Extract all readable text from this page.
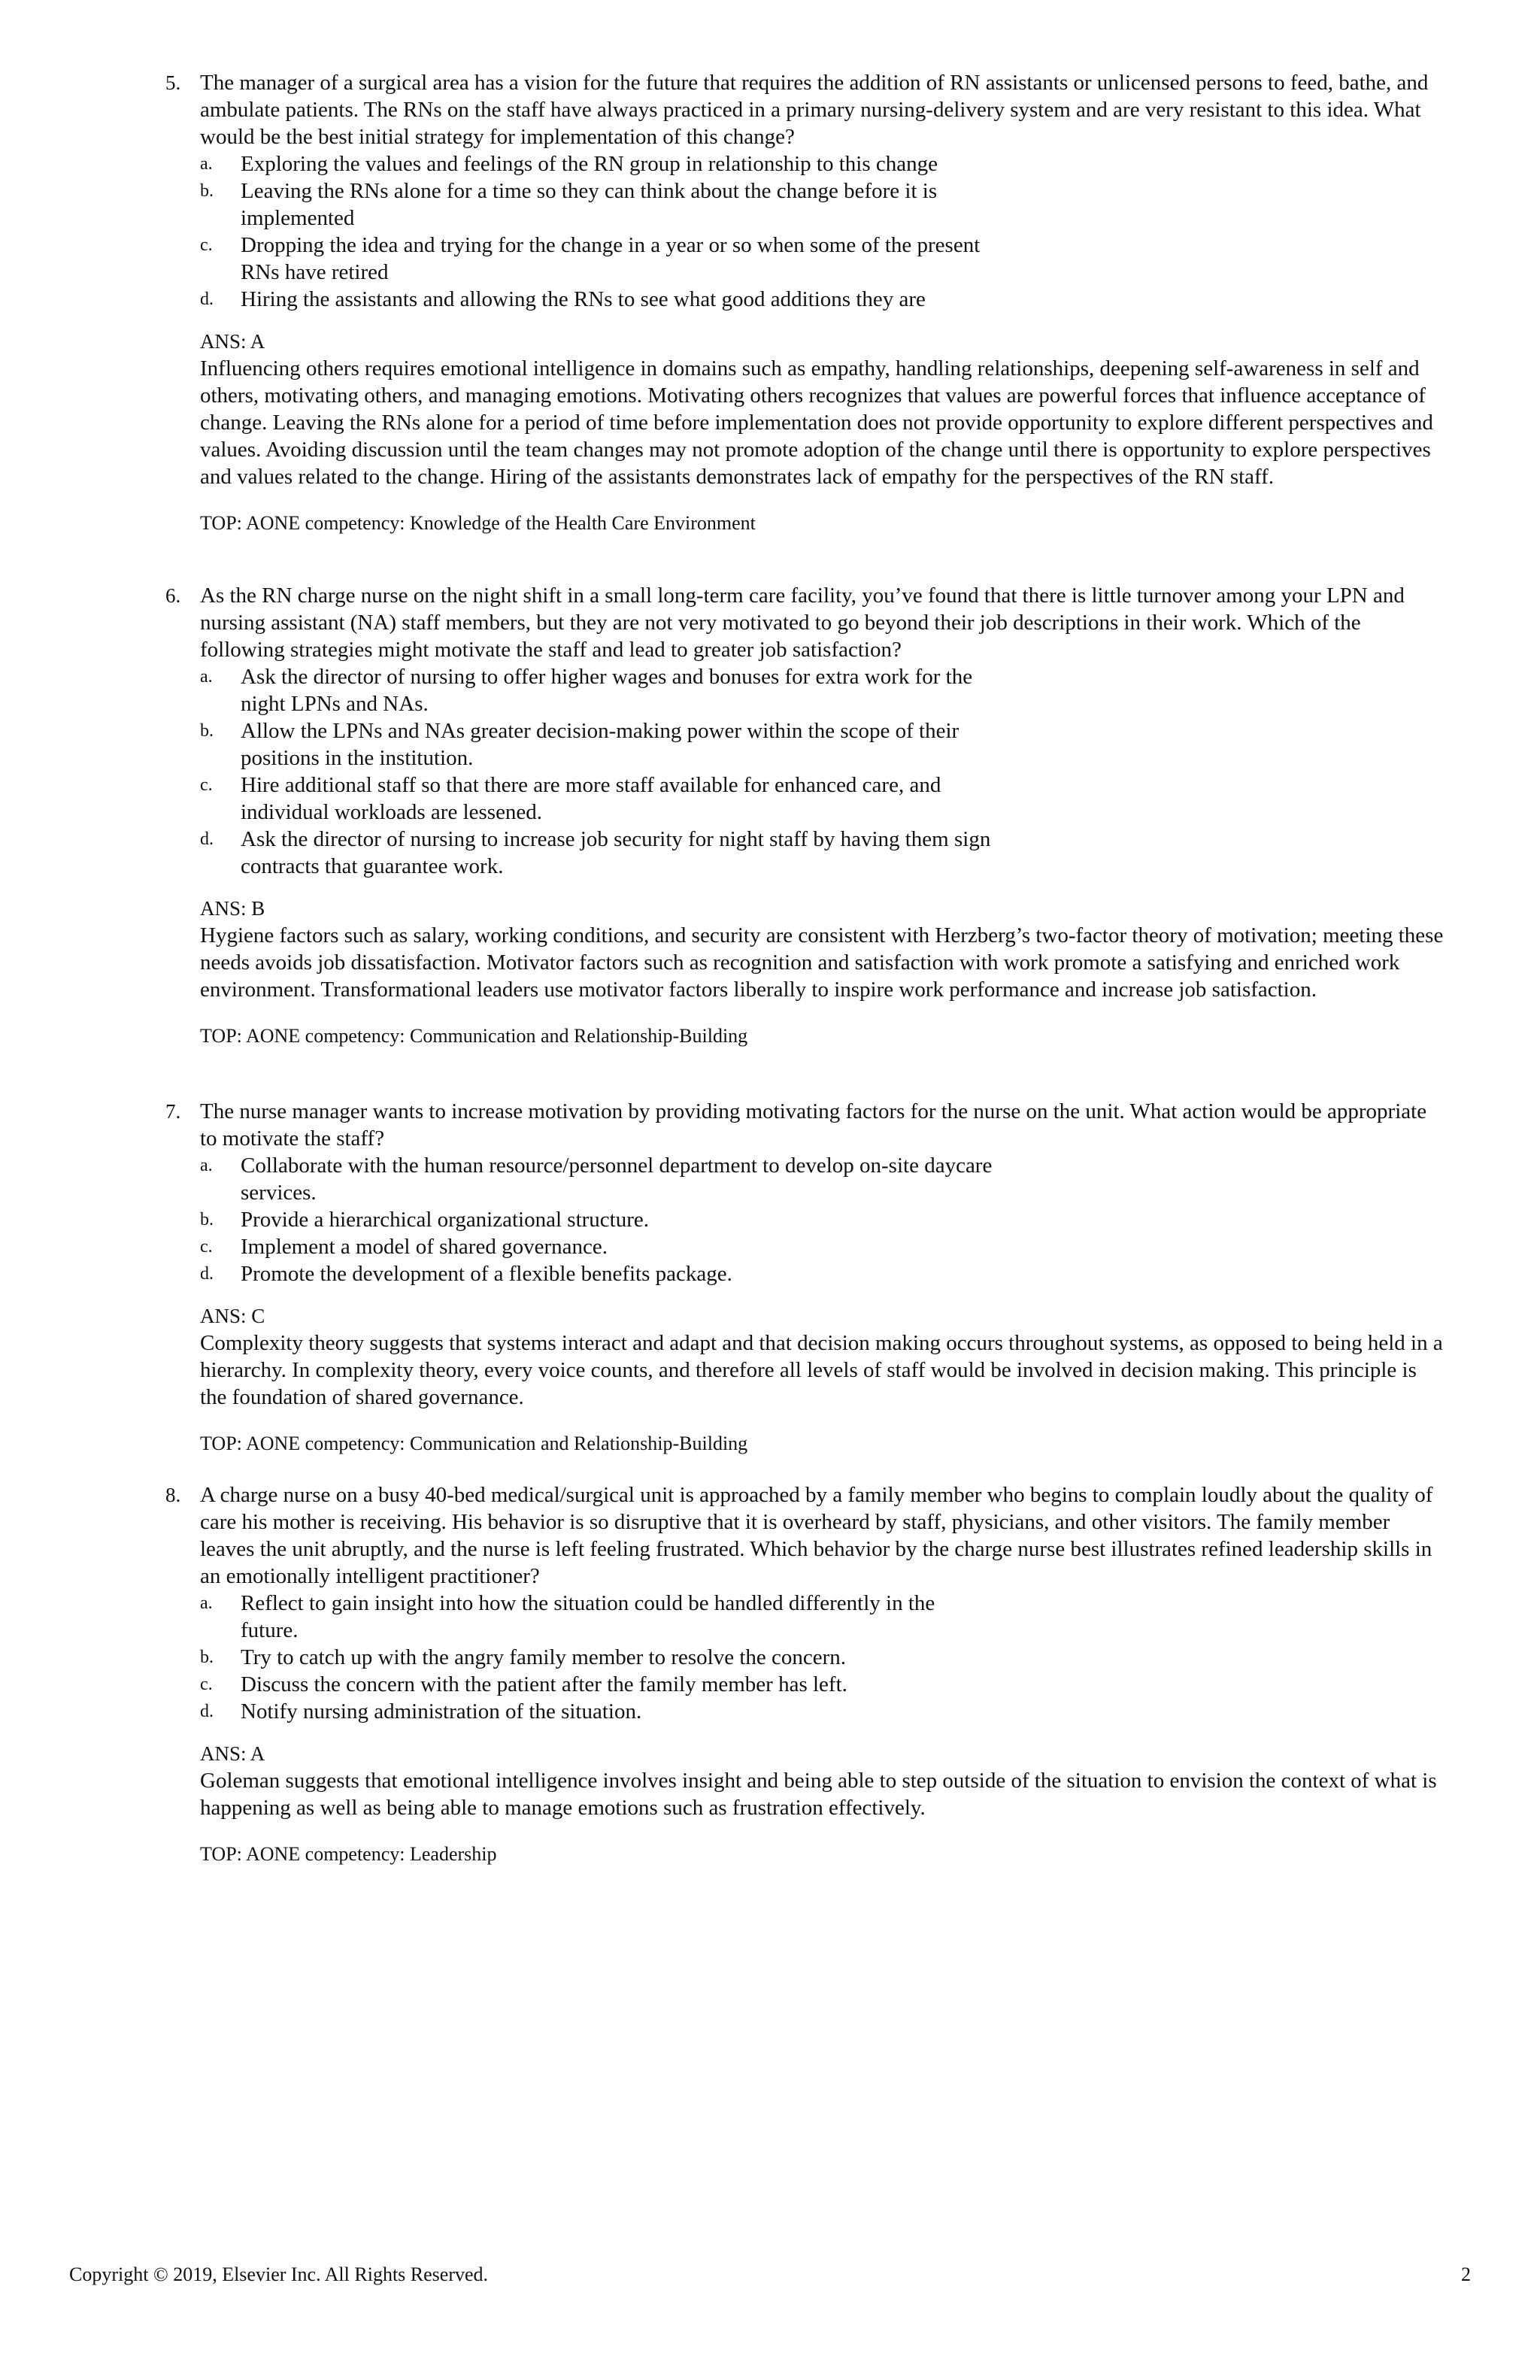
5. The manager of a surgical area has a vision for the future that requires the addition of RN assistants or unlicensed persons to feed, bathe, and ambulate patients. The RNs on the staff have always practiced in a primary nursing-delivery system and are very resistant to this idea. What would be the best initial strategy for implementation of this change?
a. Exploring the values and feelings of the RN group in relationship to this change
b. Leaving the RNs alone for a time so they can think about the change before it is implemented
c. Dropping the idea and trying for the change in a year or so when some of the present RNs have retired
d. Hiring the assistants and allowing the RNs to see what good additions they are
ANS: A
Influencing others requires emotional intelligence in domains such as empathy, handling relationships, deepening self-awareness in self and others, motivating others, and managing emotions. Motivating others recognizes that values are powerful forces that influence acceptance of change. Leaving the RNs alone for a period of time before implementation does not provide opportunity to explore different perspectives and values. Avoiding discussion until the team changes may not promote adoption of the change until there is opportunity to explore perspectives and values related to the change. Hiring of the assistants demonstrates lack of empathy for the perspectives of the RN staff.
TOP: AONE competency: Knowledge of the Health Care Environment
6. As the RN charge nurse on the night shift in a small long-term care facility, you’ve found that there is little turnover among your LPN and nursing assistant (NA) staff members, but they are not very motivated to go beyond their job descriptions in their work. Which of the following strategies might motivate the staff and lead to greater job satisfaction?
a. Ask the director of nursing to offer higher wages and bonuses for extra work for the night LPNs and NAs.
b. Allow the LPNs and NAs greater decision-making power within the scope of their positions in the institution.
c. Hire additional staff so that there are more staff available for enhanced care, and individual workloads are lessened.
d. Ask the director of nursing to increase job security for night staff by having them sign contracts that guarantee work.
ANS: B
Hygiene factors such as salary, working conditions, and security are consistent with Herzberg’s two-factor theory of motivation; meeting these needs avoids job dissatisfaction. Motivator factors such as recognition and satisfaction with work promote a satisfying and enriched work environment. Transformational leaders use motivator factors liberally to inspire work performance and increase job satisfaction.
TOP: AONE competency: Communication and Relationship-Building
7. The nurse manager wants to increase motivation by providing motivating factors for the nurse on the unit. What action would be appropriate to motivate the staff?
a. Collaborate with the human resource/personnel department to develop on-site daycare services.
b. Provide a hierarchical organizational structure.
c. Implement a model of shared governance.
d. Promote the development of a flexible benefits package.
ANS: C
Complexity theory suggests that systems interact and adapt and that decision making occurs throughout systems, as opposed to being held in a hierarchy. In complexity theory, every voice counts, and therefore all levels of staff would be involved in decision making. This principle is the foundation of shared governance.
TOP: AONE competency: Communication and Relationship-Building
8. A charge nurse on a busy 40-bed medical/surgical unit is approached by a family member who begins to complain loudly about the quality of care his mother is receiving. His behavior is so disruptive that it is overheard by staff, physicians, and other visitors. The family member leaves the unit abruptly, and the nurse is left feeling frustrated. Which behavior by the charge nurse best illustrates refined leadership skills in an emotionally intelligent practitioner?
a. Reflect to gain insight into how the situation could be handled differently in the future.
b. Try to catch up with the angry family member to resolve the concern.
c. Discuss the concern with the patient after the family member has left.
d. Notify nursing administration of the situation.
ANS: A
Goleman suggests that emotional intelligence involves insight and being able to step outside of the situation to envision the context of what is happening as well as being able to manage emotions such as frustration effectively.
TOP: AONE competency: Leadership
Copyright © 2019, Elsevier Inc. All Rights Reserved.	2
